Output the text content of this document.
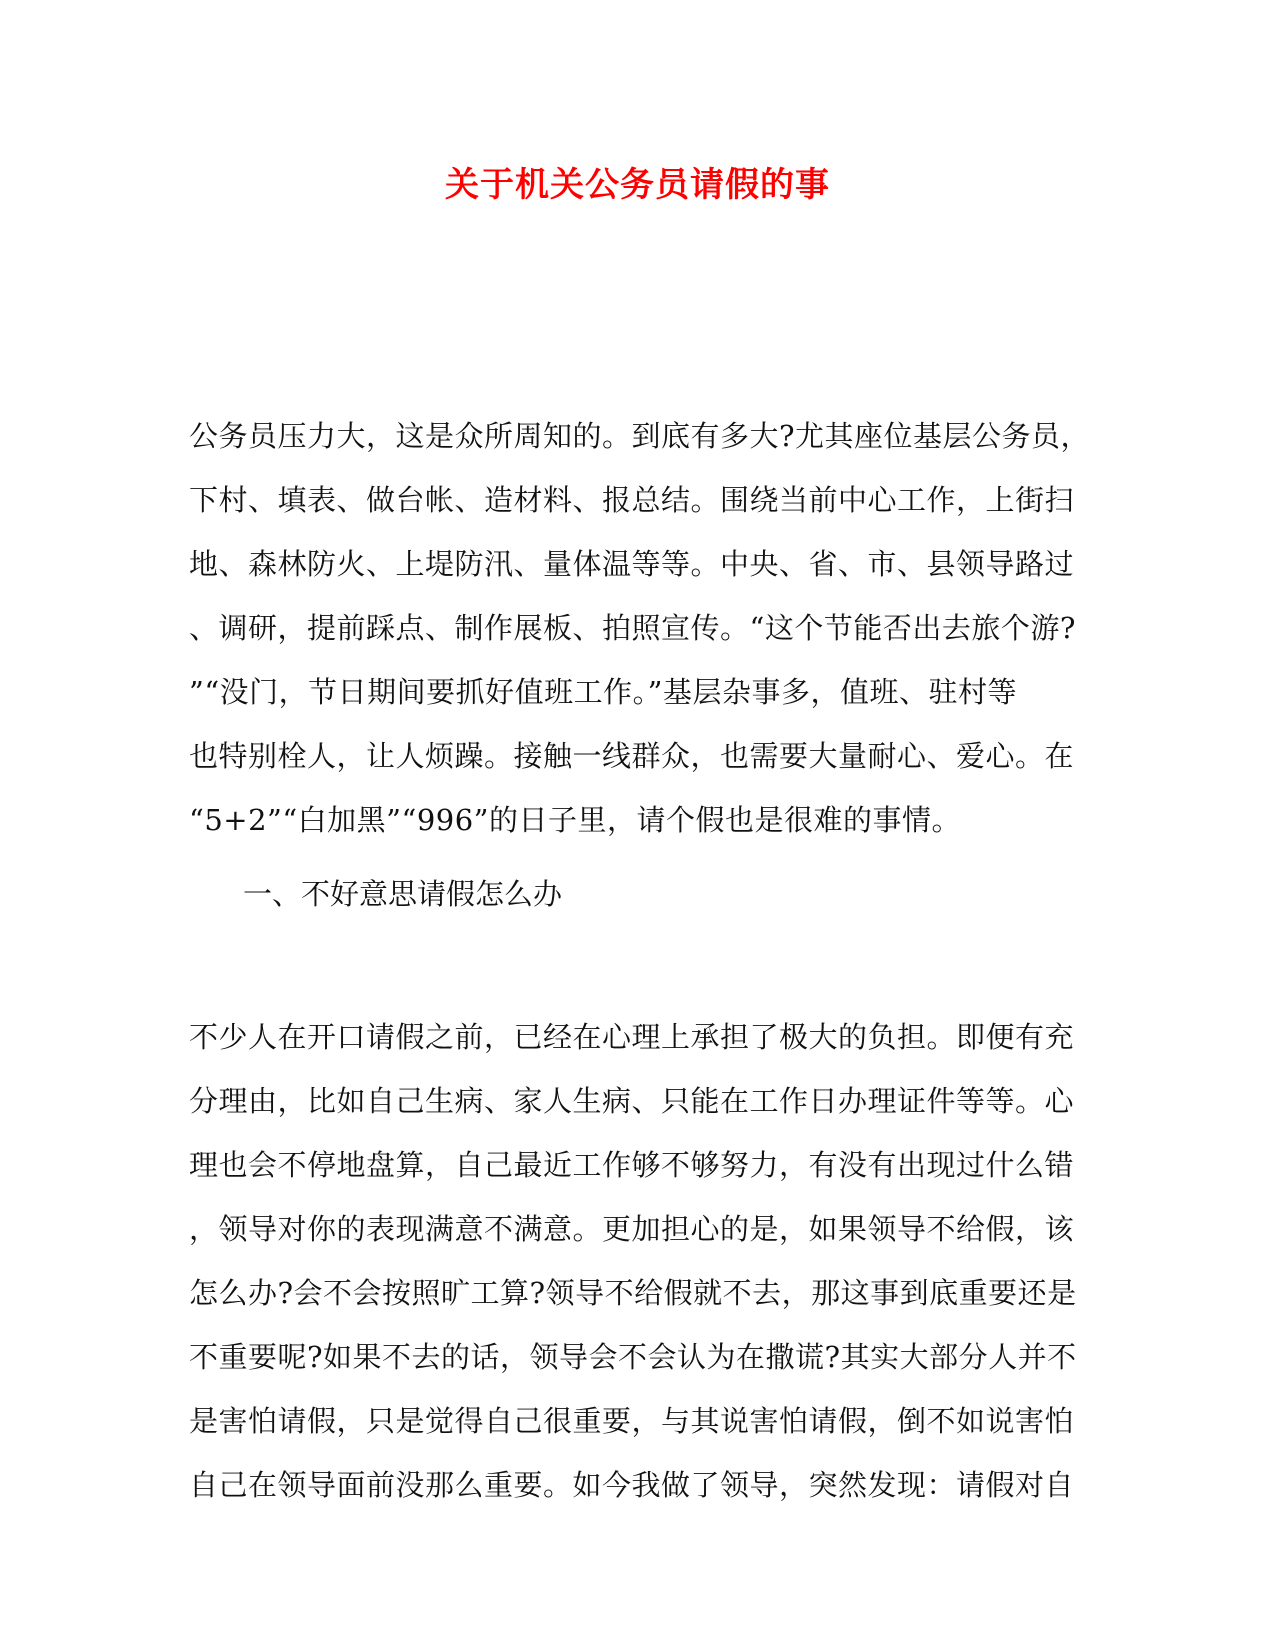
关于机关公务员请假的事
公务员压力大，这是众所周知的。到底有多大?尤其座位基层公务员，
下村、填表、做台帐、造材料、报总结。围绕当前中心工作，上街扫
地、森林防火、上堤防汛、量体温等等。中央、省、市、县领导路过
、调研，提前踩点、制作展板、拍照宣传。“这个节能否出去旅个游?
”“没门，节日期间要抓好值班工作。”基层杂事多，值班、驻村等
也特别栓人，让人烦躁。接触一线群众，也需要大量耐心、爱心。在
“5+2”“白加黑”“996”的日子里，请个假也是很难的事情。
一、不好意思请假怎么办
不少人在开口请假之前，已经在心理上承担了极大的负担。即便有充
分理由，比如自己生病、家人生病、只能在工作日办理证件等等。心
理也会不停地盘算，自己最近工作够不够努力，有没有出现过什么错
，领导对你的表现满意不满意。更加担心的是，如果领导不给假，该
怎么办?会不会按照旷工算?领导不给假就不去，那这事到底重要还是
不重要呢?如果不去的话，领导会不会认为在撒谎?其实大部分人并不
是害怕请假，只是觉得自己很重要，与其说害怕请假，倒不如说害怕
自己在领导面前没那么重要。如今我做了领导，突然发现：请假对自
